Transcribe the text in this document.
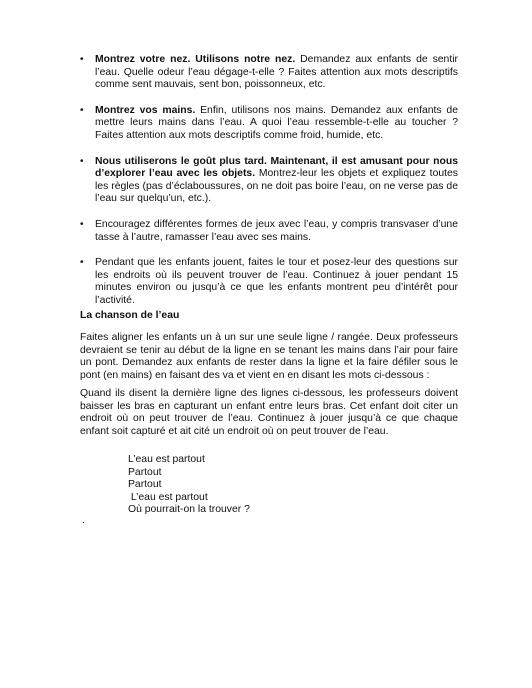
• Montrez votre nez. Utilisons notre nez. Demandez aux enfants de sentir l’eau. Quelle odeur l’eau dégage-t-elle ? Faites attention aux mots descriptifs comme sent mauvais, sent bon, poissonneux, etc.
• Montrez vos mains. Enfin, utilisons nos mains. Demandez aux enfants de mettre leurs mains dans l’eau. A quoi l’eau ressemble-t-elle au toucher ? Faites attention aux mots descriptifs comme froid, humide, etc.
• Nous utiliserons le goût plus tard. Maintenant, il est amusant pour nous d’explorer l’eau avec les objets. Montrez-leur les objets et expliquez toutes les règles (pas d’éclaboussures, on ne doit pas boire l’eau, on ne verse pas de l’eau sur quelqu’un, etc.).
• Encouragez différentes formes de jeux avec l’eau, y compris transvaser d’une tasse à l’autre, ramasser l’eau avec ses mains.
• Pendant que les enfants jouent, faites le tour et posez-leur des questions sur les endroits où ils peuvent trouver de l’eau. Continuez à jouer pendant 15 minutes environ ou jusqu’à ce que les enfants montrent peu d’intérêt pour l’activité.
La chanson de l’eau

Faites aligner les enfants un à un sur une seule ligne / rangée. Deux professeurs devraient se tenir au début de la ligne en se tenant les mains dans l’air pour faire un pont. Demandez aux enfants de rester dans la ligne et la faire défiler sous le pont (en mains) en faisant des va et vient en en disant les mots ci-dessous :

Quand ils disent la dernière ligne des lignes ci-dessous, les professeurs doivent baisser les bras en capturant un enfant entre leurs bras. Cet enfant doit citer un endroit où on peut trouver de l’eau. Continuez à jouer jusqu’à ce que chaque enfant soit capturé et ait cité un endroit où on peut trouver de l’eau.

L’eau est partout
Partout
Partout
L’eau est partout
Où pourrait-on la trouver ?

.
